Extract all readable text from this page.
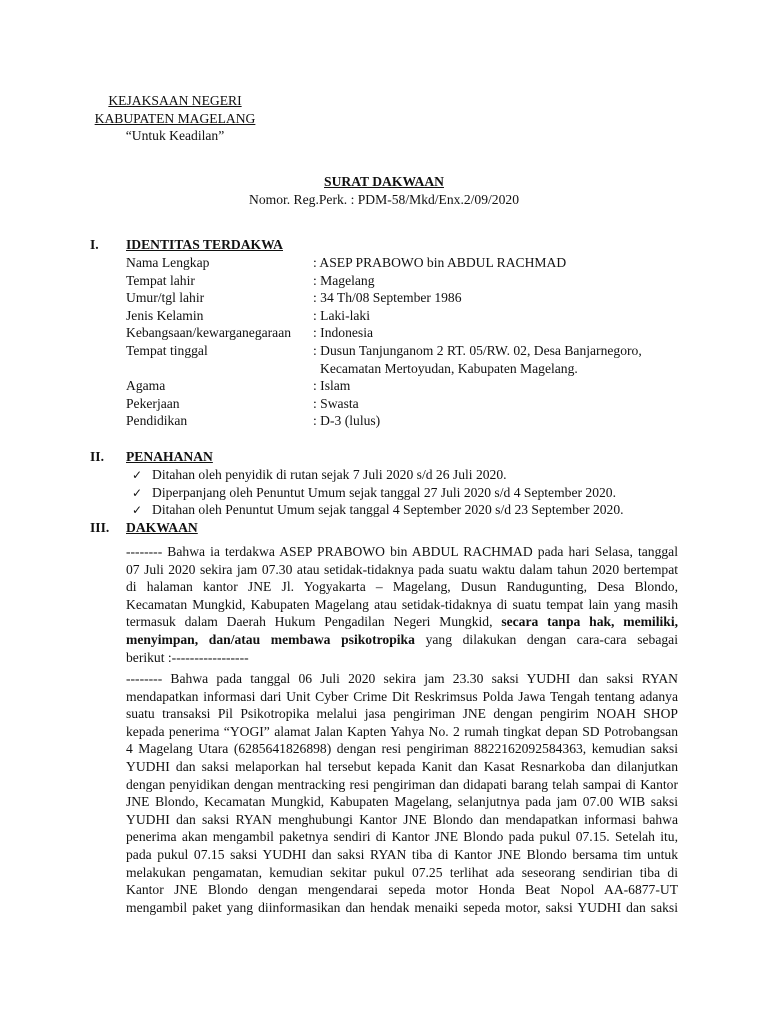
KEJAKSAAN NEGERI
KABUPATEN MAGELANG
“Untuk Keadilan”
SURAT DAKWAAN
Nomor. Reg.Perk. : PDM-58/Mkd/Enx.2/09/2020
I. IDENTITAS TERDAKWA
Nama Lengkap	: ASEP PRABOWO bin ABDUL RACHMAD
Tempat lahir	: Magelang
Umur/tgl lahir	: 34 Th/08 September 1986
Jenis Kelamin	: Laki-laki
Kebangsaan/kewarganegaraan : Indonesia
Tempat tinggal	: Dusun Tanjunganom 2 RT. 05/RW. 02, Desa Banjarnegoro,
Kecamatan Mertoyudan, Kabupaten Magelang.
Agama	: Islam
Pekerjaan	: Swasta
Pendidikan	: D-3 (lulus)
II. PENAHANAN
✓ Ditahan oleh penyidik di rutan sejak 7 Juli 2020 s/d 26 Juli 2020.
✓ Diperpanjang oleh Penuntut Umum sejak tanggal 27 Juli 2020 s/d 4 September 2020.
✓ Ditahan oleh Penuntut Umum sejak tanggal 4 September 2020 s/d 23 September 2020.
III. DAKWAAN
-------- Bahwa ia terdakwa ASEP PRABOWO bin ABDUL RACHMAD pada hari Selasa, tanggal
07 Juli 2020 sekira jam 07.30 atau setidak-tidaknya pada suatu waktu dalam tahun 2020 bertempat
di halaman kantor JNE Jl. Yogyakarta – Magelang, Dusun Randugunting, Desa Blondo,
Kecamatan Mungkid, Kabupaten Magelang atau setidak-tidaknya di suatu tempat lain yang masih
termasuk dalam Daerah Hukum Pengadilan Negeri Mungkid, secara tanpa hak, memiliki,
menyimpan, dan/atau membawa psikotropika yang dilakukan dengan cara-cara sebagai
berikut :-----------------
-------- Bahwa pada tanggal 06 Juli 2020 sekira jam 23.30 saksi YUDHI dan saksi RYAN
mendapatkan informasi dari Unit Cyber Crime Dit Reskrimsus Polda Jawa Tengah tentang adanya
suatu transaksi Pil Psikotropika melalui jasa pengiriman JNE dengan pengirim NOAH SHOP
kepada penerima “YOGI” alamat Jalan Kapten Yahya No. 2 rumah tingkat depan SD Potrobangsan
4 Magelang Utara (6285641826898) dengan resi pengiriman 8822162092584363, kemudian saksi
YUDHI dan saksi melaporkan hal tersebut kepada Kanit dan Kasat Resnarkoba dan dilanjutkan
dengan penyidikan dengan mentracking resi pengiriman dan didapati barang telah sampai di Kantor
JNE Blondo, Kecamatan Mungkid, Kabupaten Magelang, selanjutnya pada jam 07.00 WIB saksi
YUDHI dan saksi RYAN menghubungi Kantor JNE Blondo dan mendapatkan informasi bahwa
penerima akan mengambil paketnya sendiri di Kantor JNE Blondo pada pukul 07.15. Setelah itu,
pada pukul 07.15 saksi YUDHI dan saksi RYAN tiba di Kantor JNE Blondo bersama tim untuk
melakukan pengamatan, kemudian sekitar pukul 07.25 terlihat ada seseorang sendirian tiba di
Kantor JNE Blondo dengan mengendarai sepeda motor Honda Beat Nopol AA-6877-UT
mengambil paket yang diinformasikan dan hendak menaiki sepeda motor, saksi YUDHI dan saksi
